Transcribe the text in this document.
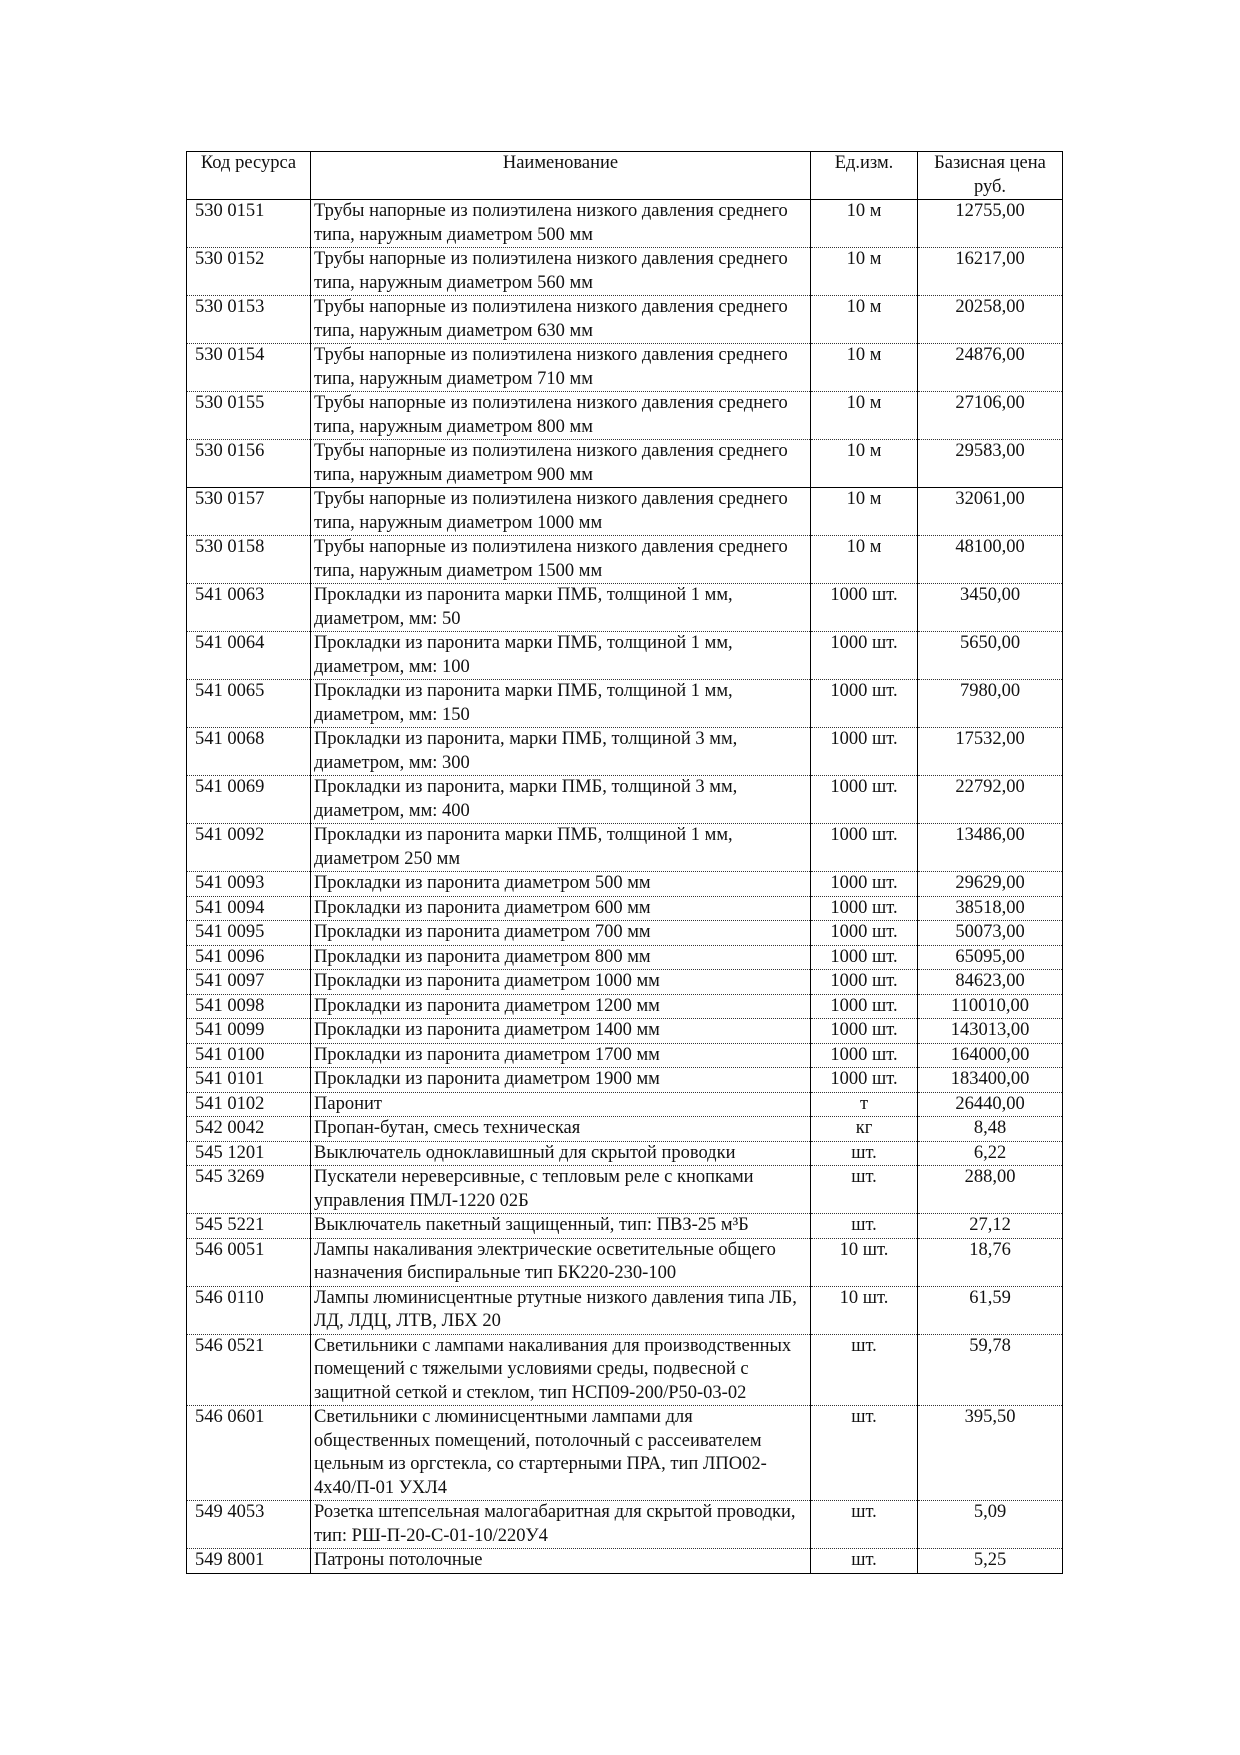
Код ресурса	Наименование	Ед.изм.	Базисная цена руб.
530 0151	Трубы напорные из полиэтилена низкого давления среднего типа, наружным диаметром 500 мм	10 м	12755,00
530 0152	Трубы напорные из полиэтилена низкого давления среднего типа, наружным диаметром 560 мм	10 м	16217,00
530 0153	Трубы напорные из полиэтилена низкого давления среднего типа, наружным диаметром 630 мм	10 м	20258,00
530 0154	Трубы напорные из полиэтилена низкого давления среднего типа, наружным диаметром 710 мм	10 м	24876,00
530 0155	Трубы напорные из полиэтилена низкого давления среднего типа, наружным диаметром 800 мм	10 м	27106,00
530 0156	Трубы напорные из полиэтилена низкого давления среднего типа, наружным диаметром 900 мм	10 м	29583,00
530 0157	Трубы напорные из полиэтилена низкого давления среднего типа, наружным диаметром 1000 мм	10 м	32061,00
530 0158	Трубы напорные из полиэтилена низкого давления среднего типа, наружным диаметром 1500 мм	10 м	48100,00
541 0063	Прокладки из паронита марки ПМБ, толщиной 1 мм, диаметром, мм: 50	1000 шт.	3450,00
541 0064	Прокладки из паронита марки ПМБ, толщиной 1 мм, диаметром, мм: 100	1000 шт.	5650,00
541 0065	Прокладки из паронита марки ПМБ, толщиной 1 мм, диаметром, мм: 150	1000 шт.	7980,00
541 0068	Прокладки из паронита, марки ПМБ, толщиной 3 мм, диаметром, мм: 300	1000 шт.	17532,00
541 0069	Прокладки из паронита, марки ПМБ, толщиной 3 мм, диаметром, мм: 400	1000 шт.	22792,00
541 0092	Прокладки из паронита марки ПМБ, толщиной 1 мм, диаметром 250 мм	1000 шт.	13486,00
541 0093	Прокладки из паронита диаметром 500 мм	1000 шт.	29629,00
541 0094	Прокладки из паронита диаметром 600 мм	1000 шт.	38518,00
541 0095	Прокладки из паронита диаметром 700 мм	1000 шт.	50073,00
541 0096	Прокладки из паронита диаметром 800 мм	1000 шт.	65095,00
541 0097	Прокладки из паронита диаметром 1000 мм	1000 шт.	84623,00
541 0098	Прокладки из паронита диаметром 1200 мм	1000 шт.	110010,00
541 0099	Прокладки из паронита диаметром 1400 мм	1000 шт.	143013,00
541 0100	Прокладки из паронита диаметром 1700 мм	1000 шт.	164000,00
541 0101	Прокладки из паронита диаметром 1900 мм	1000 шт.	183400,00
541 0102	Паронит	т	26440,00
542 0042	Пропан-бутан, смесь техническая	кг	8,48
545 1201	Выключатель одноклавишный для скрытой проводки	шт.	6,22
545 3269	Пускатели нереверсивные, с тепловым реле с кнопками управления ПМЛ-1220 02Б	шт.	288,00
545 5221	Выключатель пакетный защищенный, тип: ПВЗ-25 м³Б	шт.	27,12
546 0051	Лампы накаливания электрические осветительные общего назначения биспиральные тип БК220-230-100	10 шт.	18,76
546 0110	Лампы люминисцентные ртутные низкого давления типа ЛБ, ЛД, ЛДЦ, ЛТВ, ЛБХ 20	10 шт.	61,59
546 0521	Светильники с лампами накаливания для производственных помещений с тяжелыми условиями среды, подвесной с защитной сеткой и стеклом, тип НСП09-200/Р50-03-02	шт.	59,78
546 0601	Светильники с люминисцентными лампами для общественных помещений, потолочный с рассеивателем цельным из оргстекла, со стартерными ПРА, тип ЛПО02-4х40/П-01 УХЛ4	шт.	395,50
549 4053	Розетка штепсельная малогабаритная для скрытой проводки, тип: РШ-П-20-С-01-10/220У4	шт.	5,09
549 8001	Патроны потолочные	шт.	5,25
